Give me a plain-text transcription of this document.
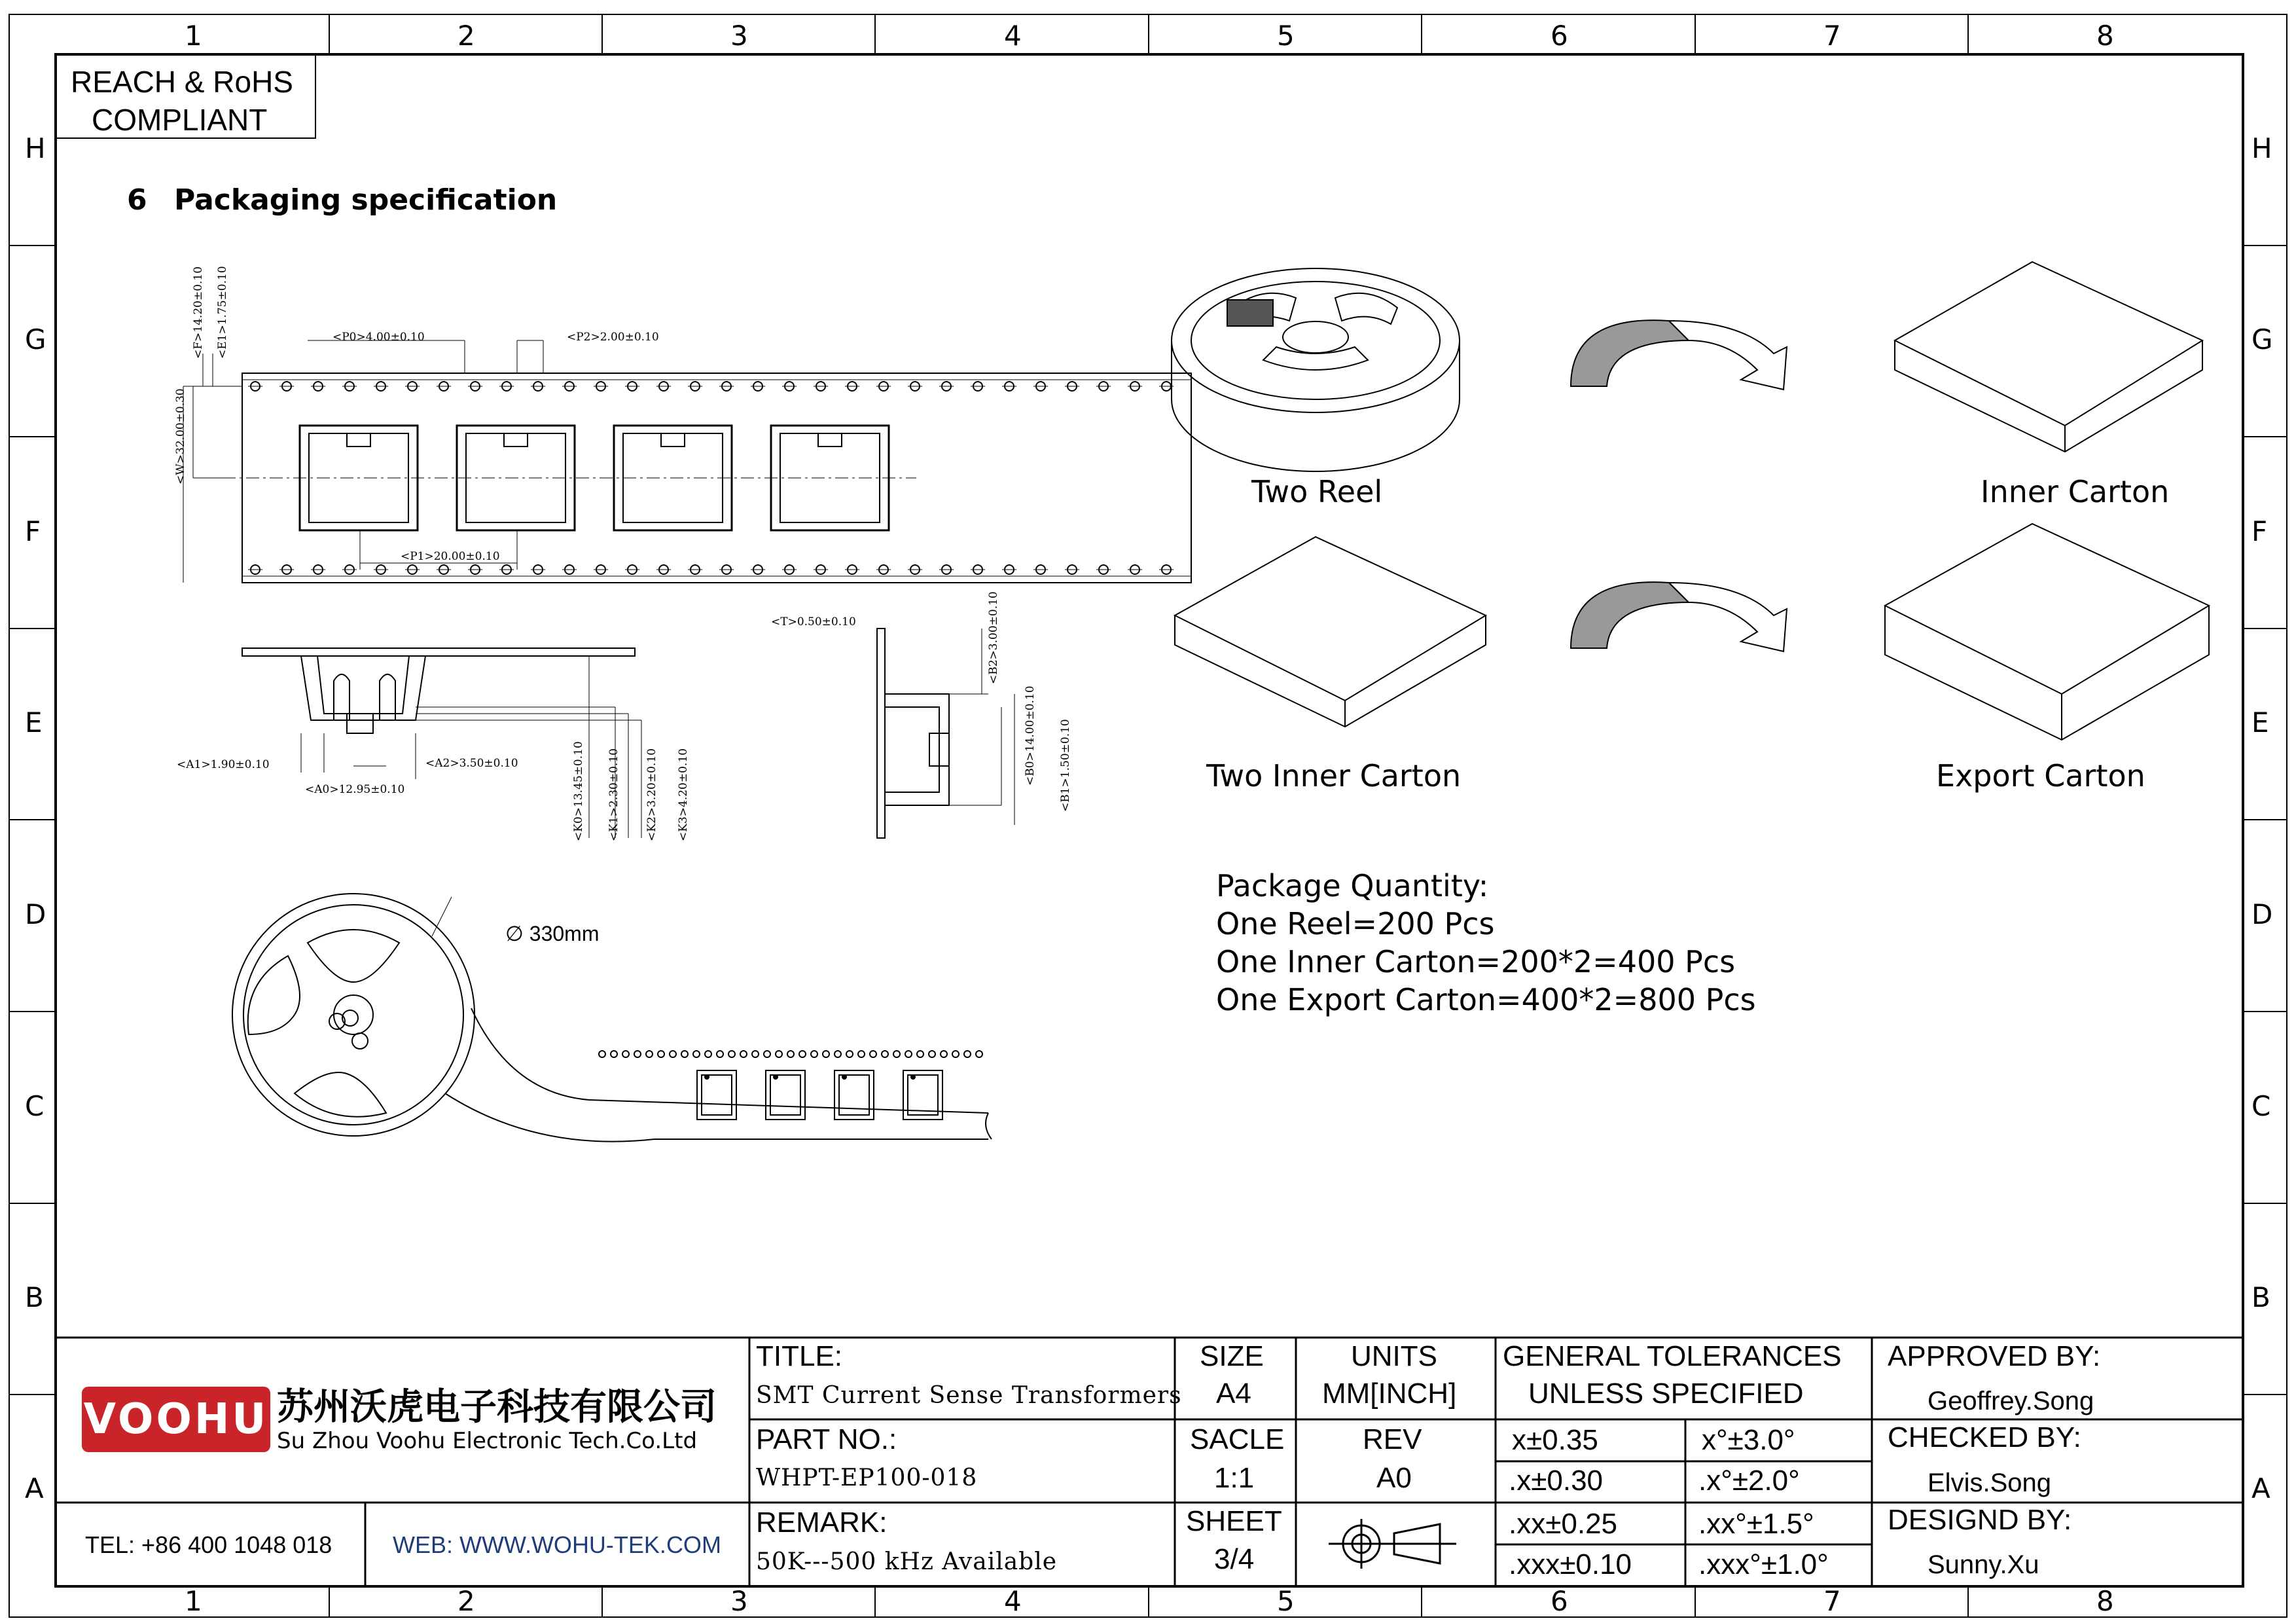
1	2	3	4	5	6	7	8
1	2	3	4	5	6	7	8
H
G
F
E
D
C
B
A
H
G
F
E
D
C
B
A
REACH & RoHS
COMPLIANT
6 Packaging specification
<P0>4.00±0.10	<P2>2.00±0.10
<P1>20.00±0.10
<E1>1.75±0.10
<F>14.20±0.10
<W>32.00±0.30
<A1>1.90±0.10
<A0>12.95±0.10
<A2>3.50±0.10	<K0>13.45±0.10 <K1>2.30±0.10 <K2>3.20±0.10 <K3>4.20±0.10
<T>0.50±0.10	<B2>3.00±0.10
<B0>14.00±0.10 <B1>1.50±0.10
∅ 330mm
Two Reel	Inner Carton
Two Inner Carton	Export Carton
Package Quantity:
One Reel=200 Pcs
One Inner Carton=200*2=400 Pcs
One Export Carton=400*2=800 Pcs
VOOHU 苏州沃虎电子科技有限公司
Su Zhou Voohu Electronic Tech.Co.Ltd
TEL: +86 400 1048 018	WEB: WWW.WOHU-TEK.COM
TITLE:
SMT Current Sense Transformers
PART NO.:
WHPT-EP100-018
REMARK:
50K---500 kHz Available
SIZE
A4
UNITS
MM[INCH]
SACLE
1:1
REV
A0
SHEET
3/4
GENERAL TOLERANCES
UNLESS SPECIFIED
x±0.35	x°±3.0°
.x±0.30	.x°±2.0°
.xx±0.25	.xx°±1.5°
.xxx±0.10 .xxx°±1.0°
APPROVED BY:
Geoffrey.Song
CHECKED BY:
Elvis.Song
DESIGND BY:
Sunny.Xu
